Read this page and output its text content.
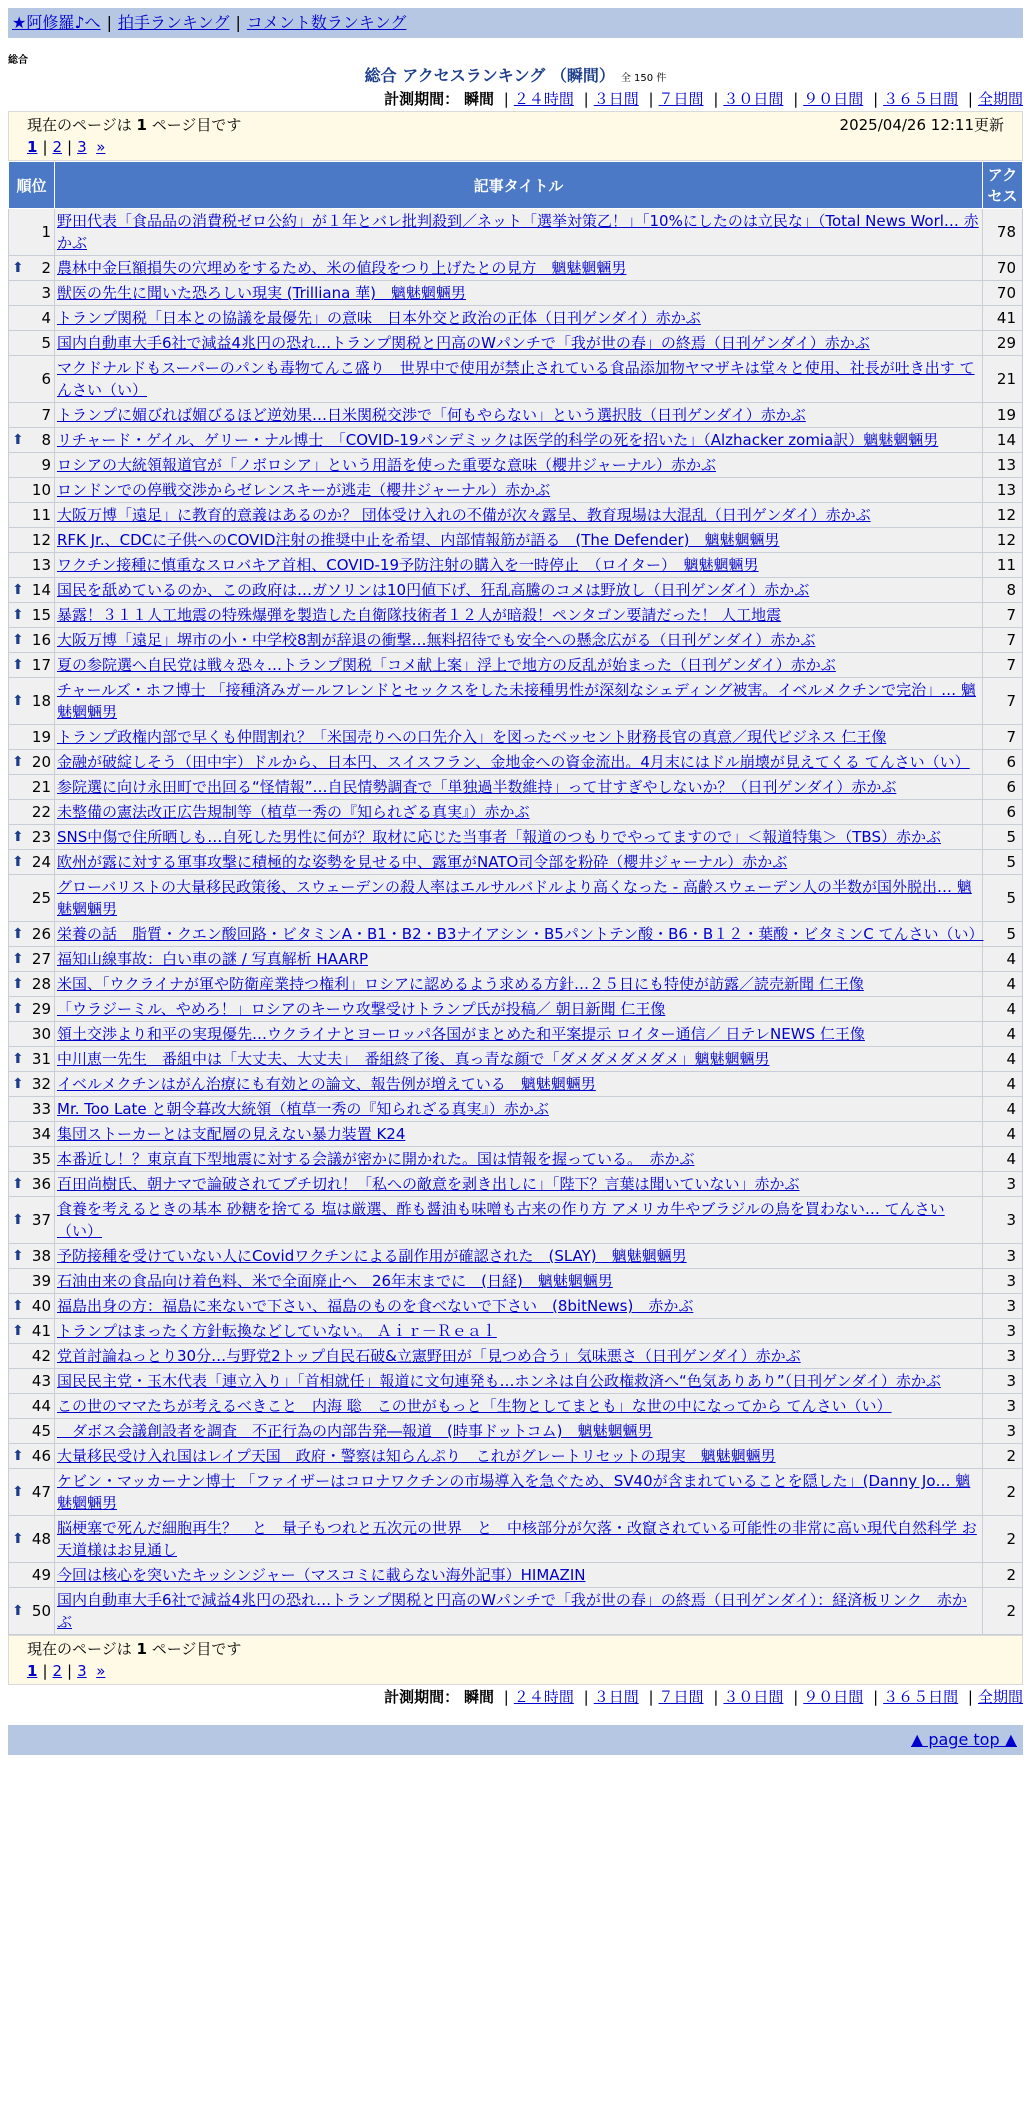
★阿修羅♪へ | 拍手ランキング | コメント数ランキング
総合
総合 アクセスランキング （瞬間） 全 150 件
計測期間： 瞬間 | ２４時間 | ３日間 | ７日間 | ３０日間 | ９０日間 | ３６５日間 | 全期間
現在のページは 1 ページ目です	2025/04/26 12:11更新
1 | 2 | 3 »
順位	記事タイトル	アクセス
1	野田代表「食品品の消費税ゼロ公約」が１年とバレ批判殺到／ネット「選挙対策乙！」「10%にしたのは立民な」（Total News Worl… 赤かぶ	78

⬆ 2	農林中金巨額損失の穴埋めをするため、米の値段をつり上げたとの見方　魑魅魍魎男	70
3	獣医の先生に聞いた恐ろしい現実 (Trilliana 華)　魑魅魍魎男	70
4	トランプ関税「日本との協議を最優先」の意味　日本外交と政治の正体（日刊ゲンダイ）赤かぶ	41
5	国内自動車大手6社で減益4兆円の恐れ…トランプ関税と円高のWパンチで「我が世の春」の終焉（日刊ゲンダイ）赤かぶ	29
6	マクドナルドもスーパーのパンも毒物てんこ盛り　世界中で使用が禁止されている食品添加物ヤマザキは堂々と使用、社長が吐き出す てんさい（い）	21
7	トランプに媚びれば媚びるほど逆効果…日米関税交渉で「何もやらない」という選択肢（日刊ゲンダイ）赤かぶ	19

⬆ 8	リチャード・ゲイル、ゲリー・ナル博士　「COVID-19パンデミックは医学的科学の死を招いた」（Alzhacker zomia訳）魑魅魍魎男	14
9	ロシアの大統領報道官が「ノボロシア」という用語を使った重要な意味（櫻井ジャーナル）赤かぶ	13
10	ロンドンでの停戦交渉からゼレンスキーが逃走（櫻井ジャーナル）赤かぶ	13
11	大阪万博「遠足」に教育的意義はあるのか？ 団体受け入れの不備が次々露呈、教育現場は大混乱（日刊ゲンダイ）赤かぶ	12
12	RFK Jr.、CDCに子供へのCOVID注射の推奨中止を希望、内部情報筋が語る　(The Defender)　魑魅魍魎男	12
13	ワクチン接種に慎重なスロバキア首相、COVID-19予防注射の購入を一時停止　（ロイター）　魑魅魍魎男	11

⬆ 14	国民を舐めているのか、この政府は…ガソリンは10円値下げ、狂乱高騰のコメは野放し（日刊ゲンダイ）赤かぶ	8

⬆ 15	暴露！３１１人工地震の特殊爆弾を製造した自衛隊技術者１２人が暗殺！ペンタゴン要請だった！ 人工地震	7

⬆ 16	大阪万博「遠足」堺市の小・中学校8割が辞退の衝撃…無料招待でも安全への懸念広がる（日刊ゲンダイ）赤かぶ	7

⬆ 17	夏の参院選へ自民党は戦々恐々…トランプ関税「コメ献上案」浮上で地方の反乱が始まった（日刊ゲンダイ）赤かぶ	7

⬆ 18	チャールズ・ホフ博士 「接種済みガールフレンドとセックスをした未接種男性が深刻なシェディング被害。イベルメクチンで完治」… 魑魅魍魎男	7
19	トランプ政権内部で早くも仲間割れ？「米国売りへの口先介入」を図ったベッセント財務長官の真意／現代ビジネス 仁王像	7

⬆ 20	金融が破綻しそう（田中宇）ドルから、日本円、スイスフラン、金地金への資金流出。4月末にはドル崩壊が見えてくる てんさい（い）	6
21	参院選に向け永田町で出回る“怪情報”…自民情勢調査で「単独過半数維持」って甘すぎやしないか？（日刊ゲンダイ）赤かぶ	6
22	未整備の憲法改正広告規制等（植草一秀の『知られざる真実』）赤かぶ	6

⬆ 23	SNS中傷で住所晒しも…自死した男性に何が？取材に応じた当事者「報道のつもりでやってますので」＜報道特集＞（TBS）赤かぶ	5

⬆ 24	欧州が露に対する軍事攻撃に積極的な姿勢を見せる中、露軍がNATO司令部を粉砕（櫻井ジャーナル）赤かぶ	5
25	グローバリストの大量移民政策後、スウェーデンの殺人率はエルサルバドルより高くなった - 高齢スウェーデン人の半数が国外脱出… 魑魅魍魎男	5

⬆ 26	栄養の話　脂質・クエン酸回路・ビタミンA・B1・B2・B3ナイアシン・B5パントテン酸・B6・B１２・葉酸・ビタミンC てんさい（い）	5

⬆ 27	福知山線事故：白い車の謎 / 写真解析 HAARP	4

⬆ 28	米国、「ウクライナが軍や防衛産業持つ権利」ロシアに認めるよう求める方針…２５日にも特使が訪露／読売新聞 仁王像	4

⬆ 29	「ウラジーミル、やめろ！」ロシアのキーウ攻撃受けトランプ氏が投稿／ 朝日新聞 仁王像	4
30	領土交渉より和平の実現優先…ウクライナとヨーロッパ各国がまとめた和平案提示 ロイター通信／ 日テレNEWS 仁王像	4

⬆ 31	中川恵一先生　番組中は「大丈夫、大丈夫」　番組終了後、真っ青な顔で「ダメダメダメダメ」魑魅魍魎男	4

⬆ 32	イベルメクチンはがん治療にも有効との論文、報告例が増えている　魑魅魍魎男	4
33	Mr. Too Late と朝令暮改大統領（植草一秀の『知られざる真実』）赤かぶ	4
34	集団ストーカーとは支配層の見えない暴力装置 K24	4
35	本番近し！？東京直下型地震に対する会議が密かに開かれた。国は情報を握っている。　赤かぶ	4

⬆ 36	百田尚樹氏、朝ナマで論破されてブチ切れ！「私への敵意を剥き出しに」「陛下？言葉は聞いていない」赤かぶ	3

⬆ 37	食養を考えるときの基本 砂糖を捨てる 塩は厳選、酢も醤油も味噌も古来の作り方 アメリカ牛やブラジルの鳥を買わない… てんさい（い）	3

⬆ 38	予防接種を受けていない人にCovidワクチンによる副作用が確認された　(SLAY)　魑魅魍魎男	3
39	石油由来の食品向け着色料、米で全面廃止へ　26年末までに　(日経)　魑魅魍魎男	3

⬆ 40	福島出身の方：福島に来ないで下さい、福島のものを食べないで下さい　(8bitNews)　赤かぶ	3

⬆ 41	トランプはまったく方針転換などしていない。 Ａｉｒ－Ｒｅａｌ	3
42	党首討論ねっとり30分…与野党2トップ自民石破&立憲野田が「見つめ合う」気味悪さ（日刊ゲンダイ）赤かぶ	3
43	国民民主党・玉木代表「連立入り」「首相就任」報道に文句連発も…ホンネは自公政権救済へ“色気ありあり”（日刊ゲンダイ）赤かぶ	3
44	この世のママたちが考えるべきこと　内海 聡　この世がもっと「生物としてまとも」な世の中になってから てんさい（い）	3
45	　ダボス会議創設者を調査　不正行為の内部告発―報道　(時事ドットコム)　魑魅魍魎男	3

⬆ 46	大量移民受け入れ国はレイプ天国　政府・警察は知らんぷり　これがグレートリセットの現実　魑魅魍魎男	2

⬆ 47	ケビン・マッカーナン博士 「ファイザーはコロナワクチンの市場導入を急ぐため、SV40が含まれていることを隠した」(Danny Jo… 魑魅魍魎男	2

⬆ 48	脳梗塞で死んだ細胞再生？　と　量子もつれと五次元の世界　と　中核部分が欠落・改竄されている可能性の非常に高い現代自然科学 お天道様はお見通し	2
49	今回は核心を突いたキッシンジャー（マスコミに載らない海外記事）HIMAZIN	2

⬆ 50	国内自動車大手6社で減益4兆円の恐れ…トランプ関税と円高のWパンチで「我が世の春」の終焉（日刊ゲンダイ）：経済板リンク　赤かぶ	2
現在のページは 1 ページ目です
1 | 2 | 3 »
計測期間： 瞬間 | ２４時間 | ３日間 | ７日間 | ３０日間 | ９０日間 | ３６５日間 | 全期間
▲ page top ▲
